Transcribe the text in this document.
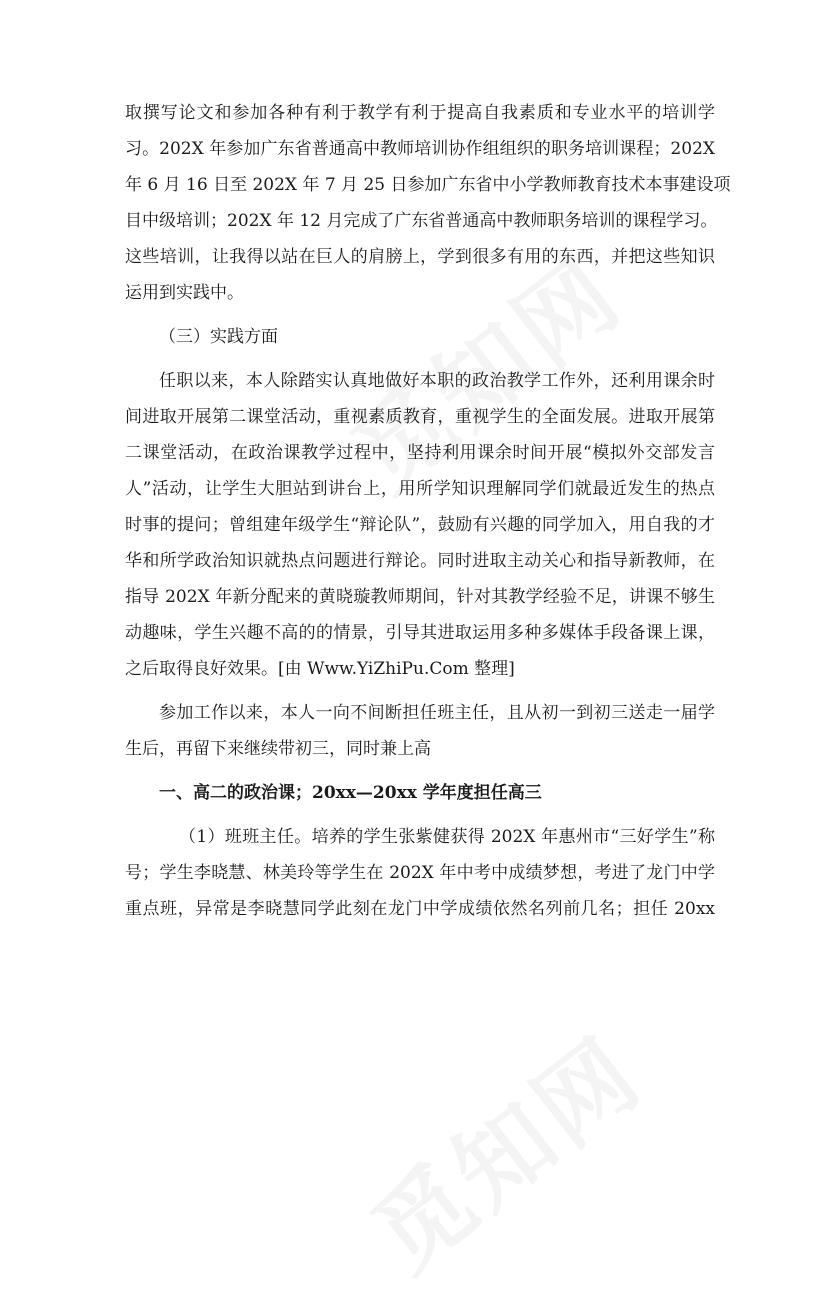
取撰写论文和参加各种有利于教学有利于提高自我素质和专业水平的培训学
习。202X 年参加广东省普通高中教师培训协作组组织的职务培训课程；202X
年 6 月 16 日至 202X 年 7 月 25 日参加广东省中小学教师教育技术本事建设项
目中级培训；202X 年 12 月完成了广东省普通高中教师职务培训的课程学习。
这些培训，让我得以站在巨人的肩膀上，学到很多有用的东西，并把这些知识
运用到实践中。
（三）实践方面
任职以来，本人除踏实认真地做好本职的政治教学工作外，还利用课余时
间进取开展第二课堂活动，重视素质教育，重视学生的全面发展。进取开展第
二课堂活动，在政治课教学过程中，坚持利用课余时间开展“模拟外交部发言
人”活动，让学生大胆站到讲台上，用所学知识理解同学们就最近发生的热点
时事的提问；曾组建年级学生“辩论队”，鼓励有兴趣的同学加入，用自我的才
华和所学政治知识就热点问题进行辩论。同时进取主动关心和指导新教师，在
指导 202X 年新分配来的黄晓璇教师期间，针对其教学经验不足，讲课不够生
动趣味，学生兴趣不高的的情景，引导其进取运用多种多媒体手段备课上课，
之后取得良好效果。[由 Www.YiZhiPu.Com 整理]
参加工作以来，本人一向不间断担任班主任，且从初一到初三送走一届学
生后，再留下来继续带初三，同时兼上高
一、高二的政治课；20xx—20xx 学年度担任高三
（1）班班主任。培养的学生张紫健获得 202X 年惠州市“三好学生”称
号；学生李晓慧、林美玲等学生在 202X 年中考中成绩梦想，考进了龙门中学
重点班，异常是李晓慧同学此刻在龙门中学成绩依然名列前几名；担任 20xx
